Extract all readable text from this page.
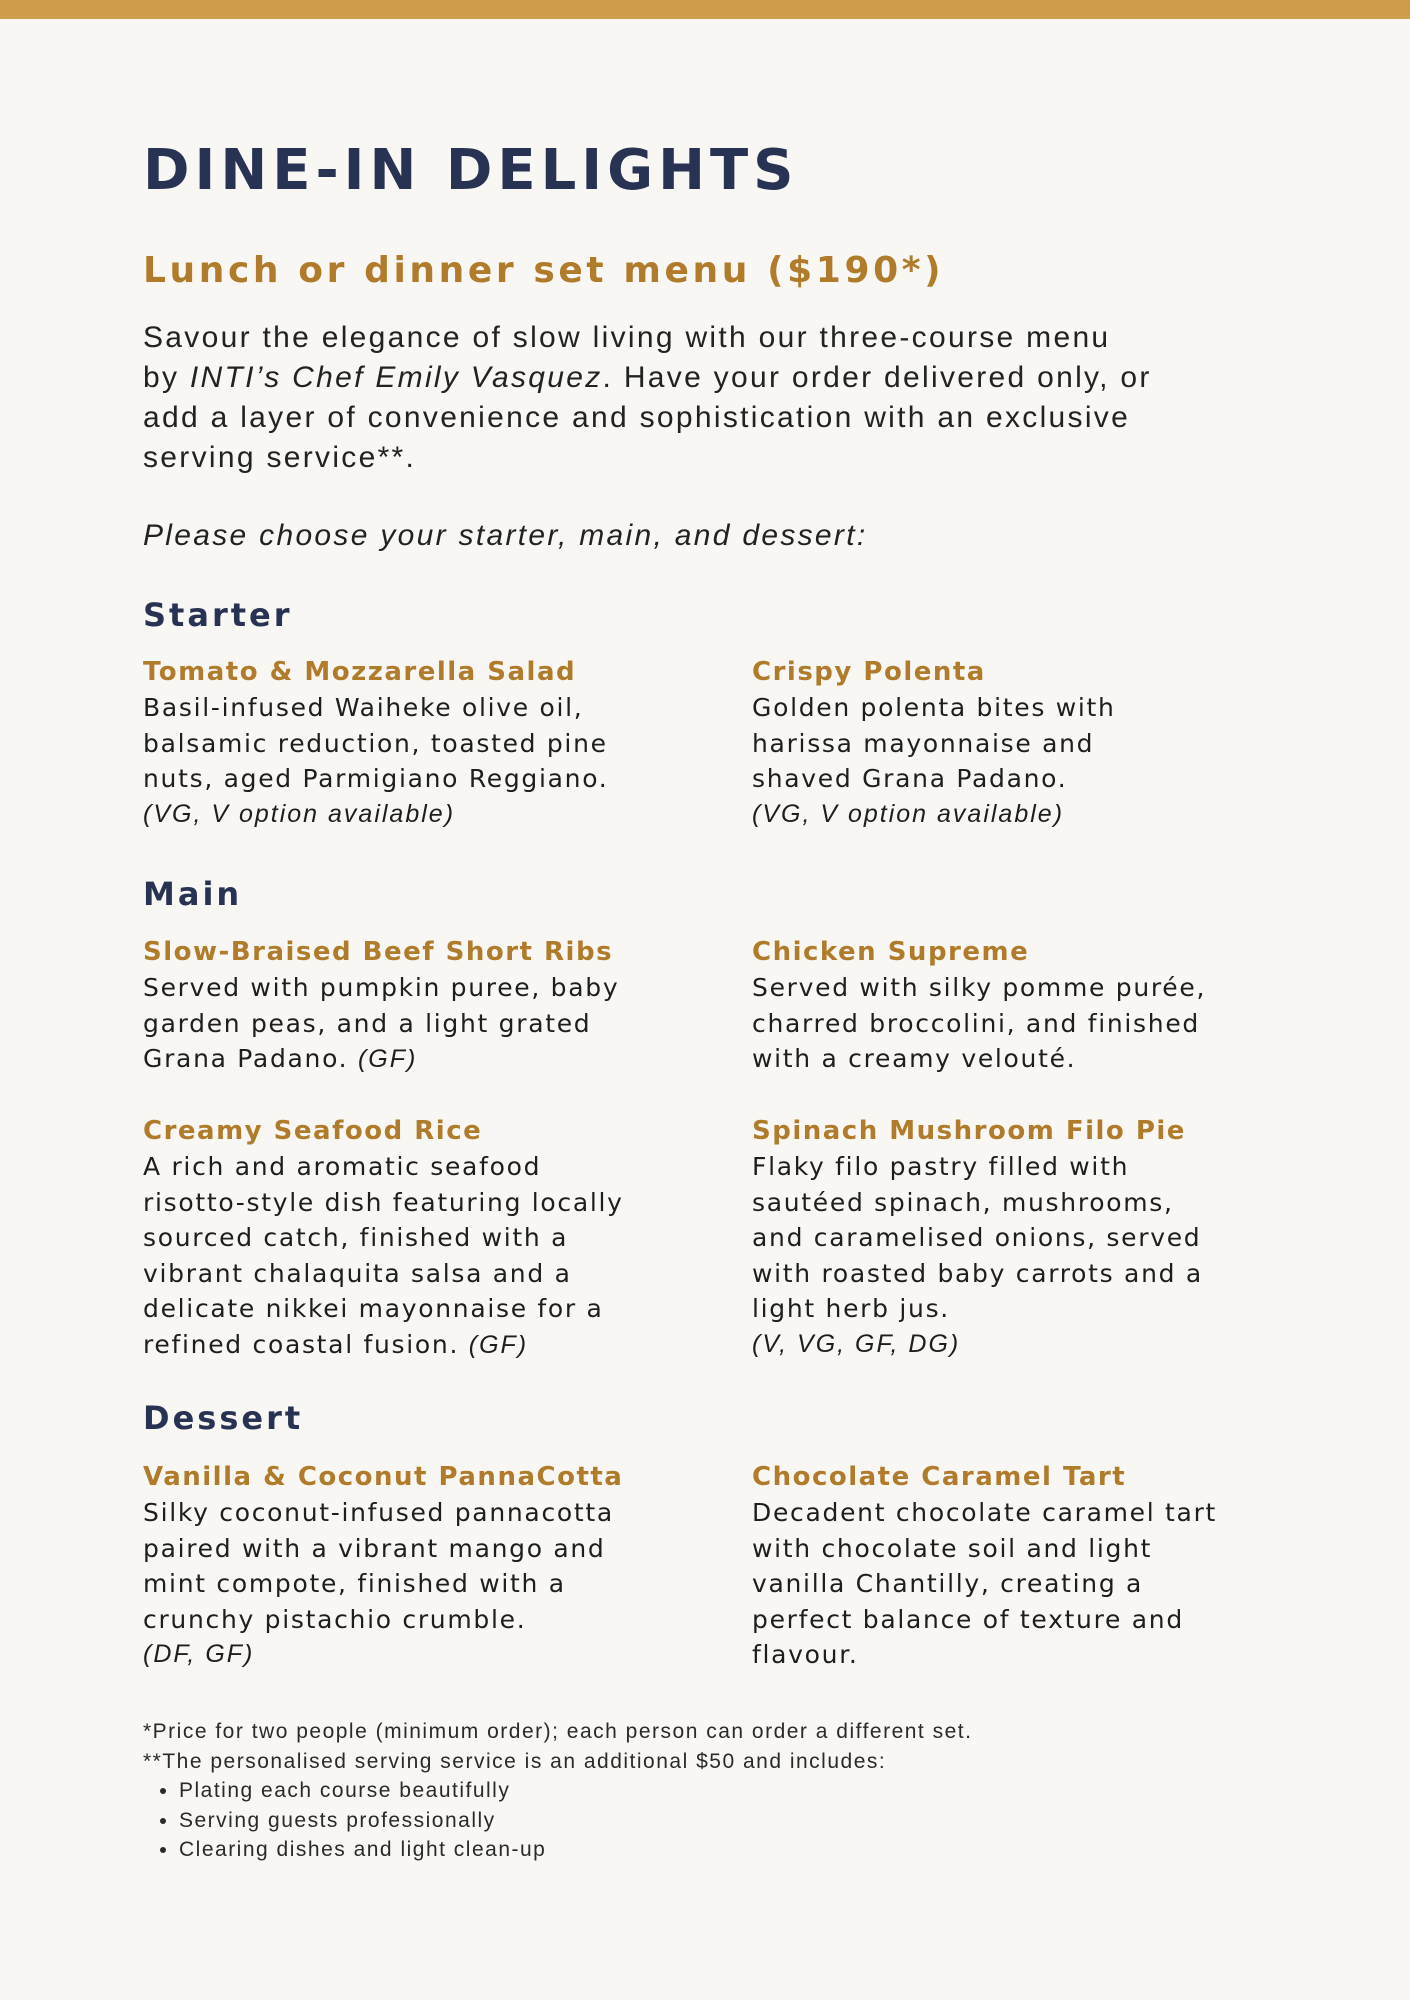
DINE-IN DELIGHTS
Lunch or dinner set menu ($190*)
Savour the elegance of slow living with our three-course menu
by INTI’s Chef Emily Vasquez. Have your order delivered only, or
add a layer of convenience and sophistication with an exclusive
serving service**.
Please choose your starter, main, and dessert:
Starter
Tomato & Mozzarella Salad
Basil-infused Waiheke olive oil,
balsamic reduction, toasted pine
nuts, aged Parmigiano Reggiano.
(VG, V option available)
Crispy Polenta
Golden polenta bites with
harissa mayonnaise and
shaved Grana Padano.
(VG, V option available)
Main
Slow-Braised Beef Short Ribs
Served with pumpkin puree, baby
garden peas, and a light grated
Grana Padano. (GF)
Chicken Supreme
Served with silky pomme purée,
charred broccolini, and finished
with a creamy velouté.
Creamy Seafood Rice
A rich and aromatic seafood
risotto-style dish featuring locally
sourced catch, finished with a
vibrant chalaquita salsa and a
delicate nikkei mayonnaise for a
refined coastal fusion. (GF)
Spinach Mushroom Filo Pie
Flaky filo pastry filled with
sautéed spinach, mushrooms,
and caramelised onions, served
with roasted baby carrots and a
light herb jus.
(V, VG, GF, DG)
Dessert
Vanilla & Coconut PannaCotta
Silky coconut-infused pannacotta
paired with a vibrant mango and
mint compote, finished with a
crunchy pistachio crumble.
(DF, GF)
Chocolate Caramel Tart
Decadent chocolate caramel tart
with chocolate soil and light
vanilla Chantilly, creating a
perfect balance of texture and
flavour.
*Price for two people (minimum order); each person can order a different set.
**The personalised serving service is an additional $50 and includes:
• Plating each course beautifully
• Serving guests professionally
• Clearing dishes and light clean-up
